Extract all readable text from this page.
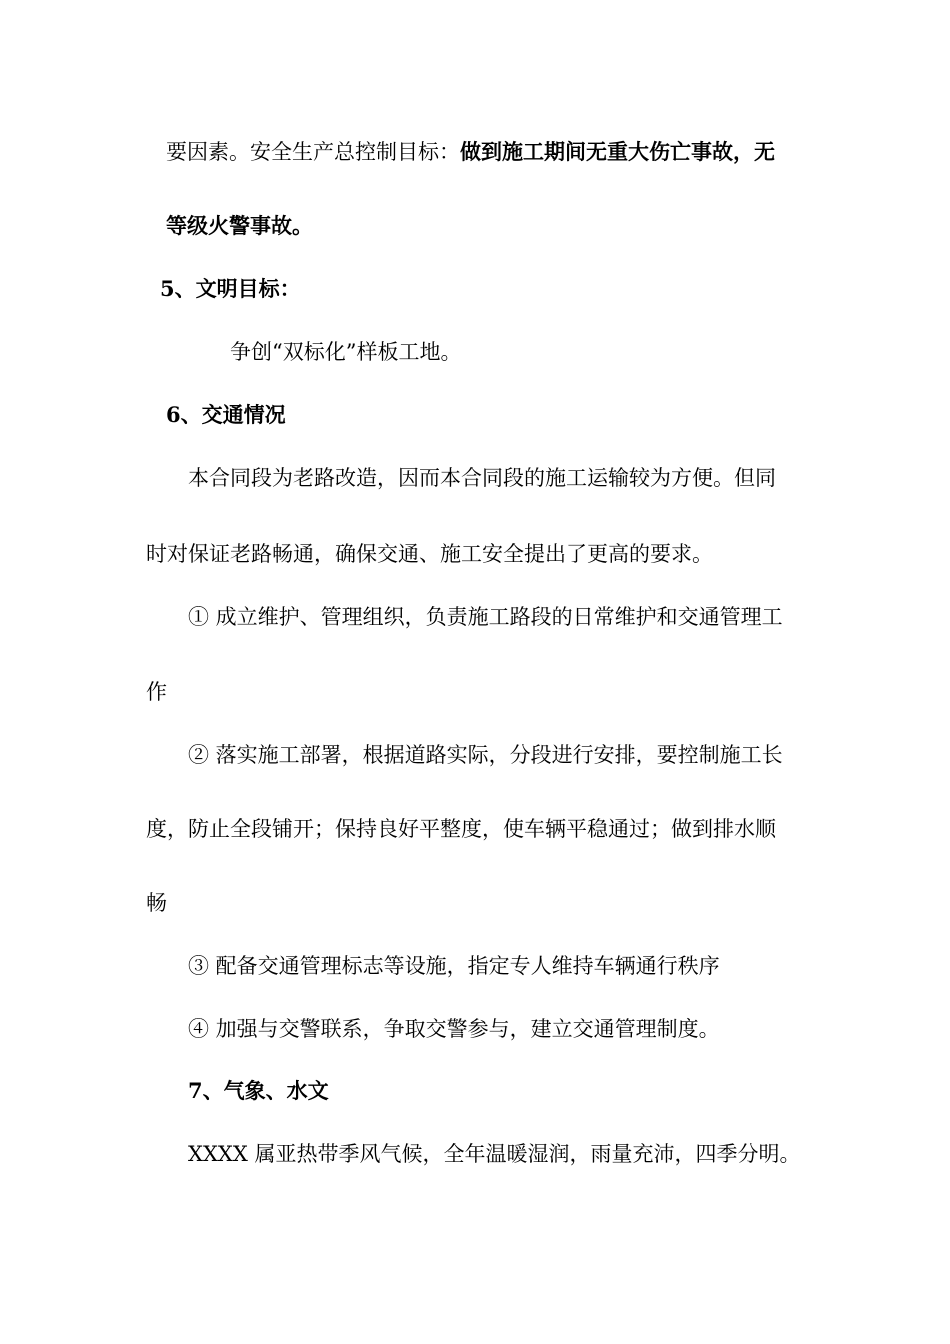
要因素。安全生产总控制目标：做到施工期间无重大伤亡事故，无
等级火警事故。
5、文明目标：
争创“双标化”样板工地。
6、交通情况
本合同段为老路改造，因而本合同段的施工运输较为方便。但同
时对保证老路畅通，确保交通、施工安全提出了更高的要求。
① 成立维护、管理组织，负责施工路段的日常维护和交通管理工
作
② 落实施工部署，根据道路实际，分段进行安排，要控制施工长
度，防止全段铺开；保持良好平整度，使车辆平稳通过；做到排水顺
畅
③ 配备交通管理标志等设施，指定专人维持车辆通行秩序
④ 加强与交警联系，争取交警参与，建立交通管理制度。
7、气象、水文
XXXX 属亚热带季风气候，全年温暖湿润，雨量充沛，四季分明。
